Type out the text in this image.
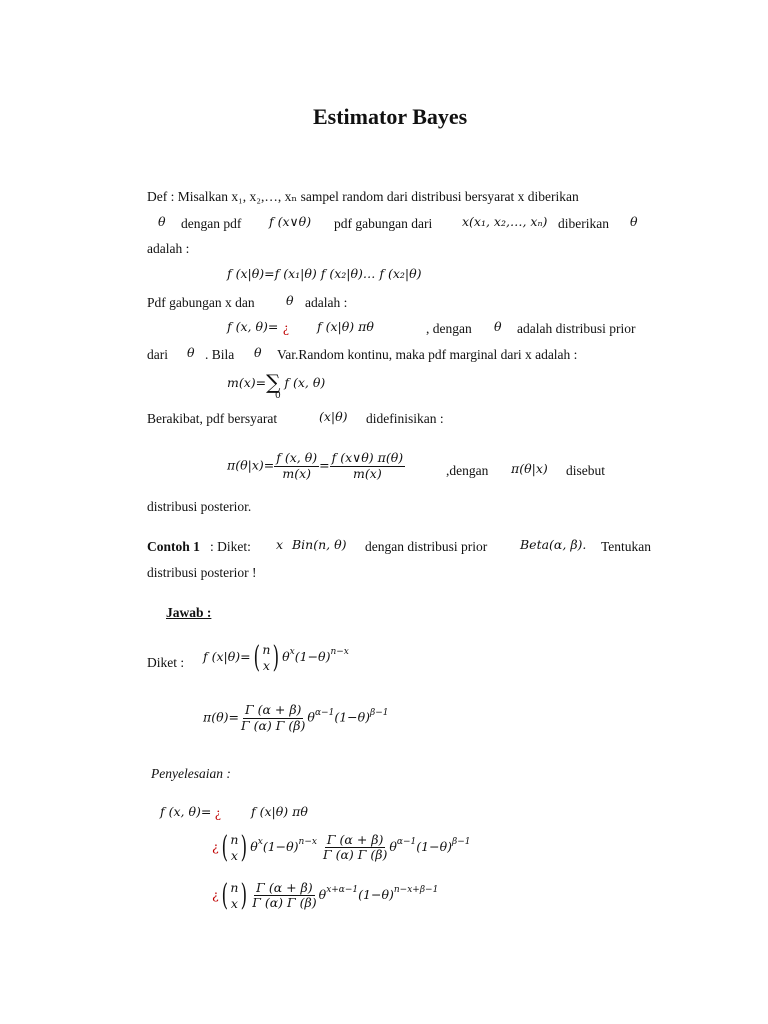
Estimator Bayes
Def : Misalkan x₁, x₂,…, xₙ sampel random dari distribusi bersyarat x diberikan
θ dengan pdf f (x∨θ) pdf gabungan dari x(x₁, x₂,…, xₙ) diberikan θ
adalah :
f (x|θ)=f (x₁|θ) f (x₂|θ)… f (x₂|θ)
Pdf gabungan x dan	θ adalah :
f (x, θ)= ¿ f (x|θ) πθ	, dengan θ adalah distribusi prior
dari θ . Bila θ Var.Random kontinu, maka pdf marginal dari x adalah :
m(x)=∑
0
f (x, θ)
Berakibat, pdf bersyarat	(x|θ) didefinisikan :
$\pi(\theta|x)= \frac{f (x, \theta)}{m(x)} = \frac{f (x\vee\theta) \pi(\theta)}{m(x)}$	,dengan π(θ|x) disebut
distribusi posterior.
Contoh 1 : Diket: x Bin(n, θ) dengan distribusi prior	Beta(α, β). Tentukan
distribusi posterior !
Jawab :
Diket : f (x|θ)= ( n
x ) $\theta^x(1-\theta)^{n-x}$
$\pi(\theta)= \frac{\Gamma (\alpha + \beta)}{\Gamma (\alpha) \Gamma (\beta)} \theta^{\alpha-1}(1-\theta)^{\beta-1}$
Penyelesaian :
f (x, θ)= ¿ f (x|θ) πθ
¿ ( n
x ) $\theta^x(1-\theta)^{n-x} \frac{\Gamma (\alpha + \beta)}{\Gamma (\alpha) \Gamma (\beta)} \theta^{\alpha-1}(1-\theta)^{\beta-1}$
¿ ( n
x ) $\frac{\Gamma (\alpha + \beta)}{\Gamma (\alpha) \Gamma (\beta)} \theta^{x+\alpha-1}(1-\theta)^{n-x+\beta-1}$
